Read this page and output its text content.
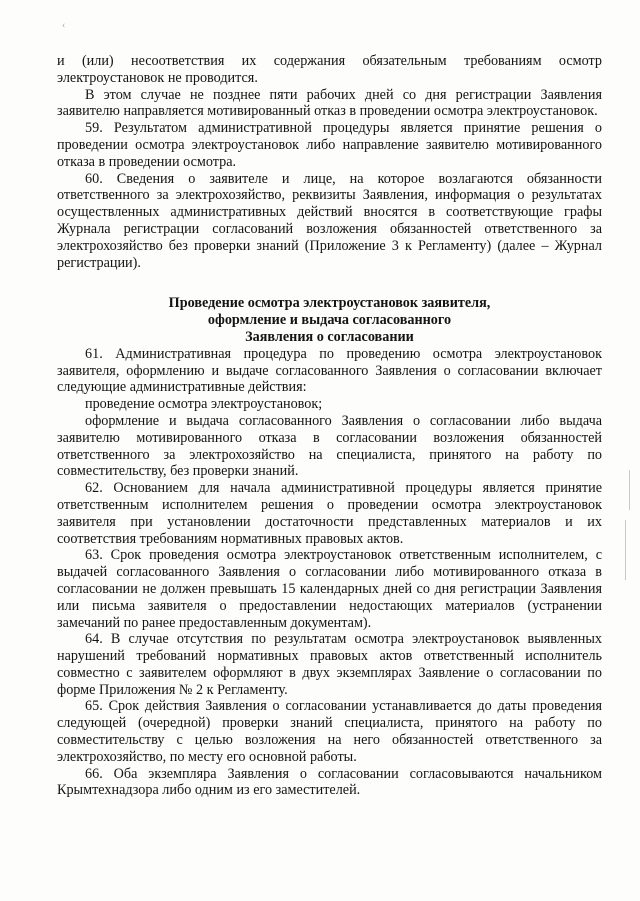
‹

и (или) несоответствия их содержания обязательным требованиям осмотр электроустановок не проводится.

В этом случае не позднее пяти рабочих дней со дня регистрации Заявления заявителю направляется мотивированный отказ в проведении осмотра электроустановок.

59. Результатом административной процедуры является принятие решения о проведении осмотра электроустановок либо направление заявителю мотивированного отказа в проведении осмотра.

60. Сведения о заявителе и лице, на которое возлагаются обязанности ответственного за электрохозяйство, реквизиты Заявления, информация о результатах осуществленных административных действий вносятся в соответствующие графы Журнала регистрации согласований возложения обязанностей ответственного за электрохозяйство без проверки знаний (Приложение 3 к Регламенту) (далее – Журнал регистрации).

Проведение осмотра электроустановок заявителя,
оформление и выдача согласованного
Заявления о согласовании

61. Административная процедура по проведению осмотра электроустановок заявителя, оформлению и выдаче согласованного Заявления о согласовании включает следующие административные действия:

проведение осмотра электроустановок;

оформление и выдача согласованного Заявления о согласовании либо выдача заявителю мотивированного отказа в согласовании возложения обязанностей ответственного за электрохозяйство на специалиста, принятого на работу по совместительству, без проверки знаний.

62. Основанием для начала административной процедуры является принятие ответственным исполнителем решения о проведении осмотра электроустановок заявителя при установлении достаточности представленных материалов и их соответствия требованиям нормативных правовых актов.

63. Срок проведения осмотра электроустановок ответственным исполнителем, с выдачей согласованного Заявления о согласовании либо мотивированного отказа в согласовании не должен превышать 15 календарных дней со дня регистрации Заявления или письма заявителя о предоставлении недостающих материалов (устранении замечаний по ранее предоставленным документам).

64. В случае отсутствия по результатам осмотра электроустановок выявленных нарушений требований нормативных правовых актов ответственный исполнитель совместно с заявителем оформляют в двух экземплярах Заявление о согласовании по форме Приложения № 2 к Регламенту.

65. Срок действия Заявления о согласовании устанавливается до даты проведения следующей (очередной) проверки знаний специалиста, принятого на работу по совместительству с целью возложения на него обязанностей ответственного за электрохозяйство, по месту его основной работы.

66. Оба экземпляра Заявления о согласовании согласовываются начальником Крымтехнадзора либо одним из его заместителей.
